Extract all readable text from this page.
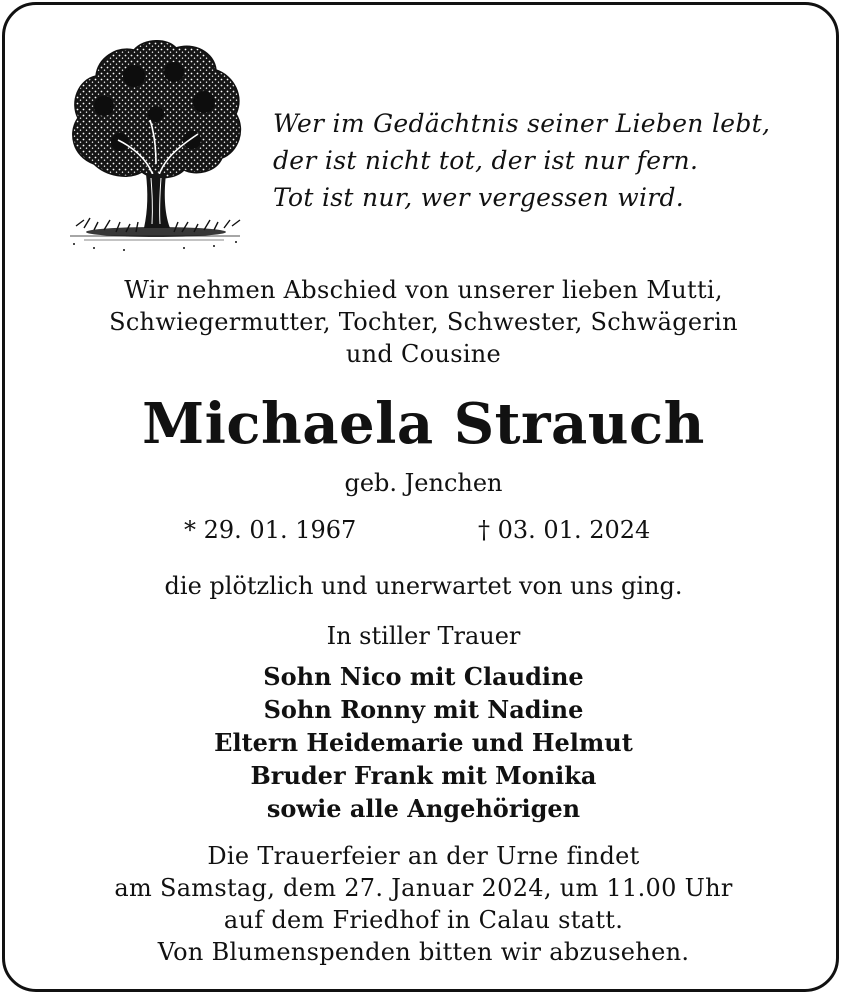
Wer im Gedächtnis seiner Lieben lebt,
der ist nicht tot, der ist nur fern.
Tot ist nur, wer vergessen wird.
Wir nehmen Abschied von unserer lieben Mutti,
Schwiegermutter, Tochter, Schwester, Schwägerin
und Cousine
Michaela Strauch
geb. Jenchen
* 29. 01. 1967	† 03. 01. 2024
die plötzlich und unerwartet von uns ging.
In stiller Trauer
Sohn Nico mit Claudine
Sohn Ronny mit Nadine
Eltern Heidemarie und Helmut
Bruder Frank mit Monika
sowie alle Angehörigen
Die Trauerfeier an der Urne findet
am Samstag, dem 27. Januar 2024, um 11.00 Uhr
auf dem Friedhof in Calau statt.
Von Blumenspenden bitten wir abzusehen.
